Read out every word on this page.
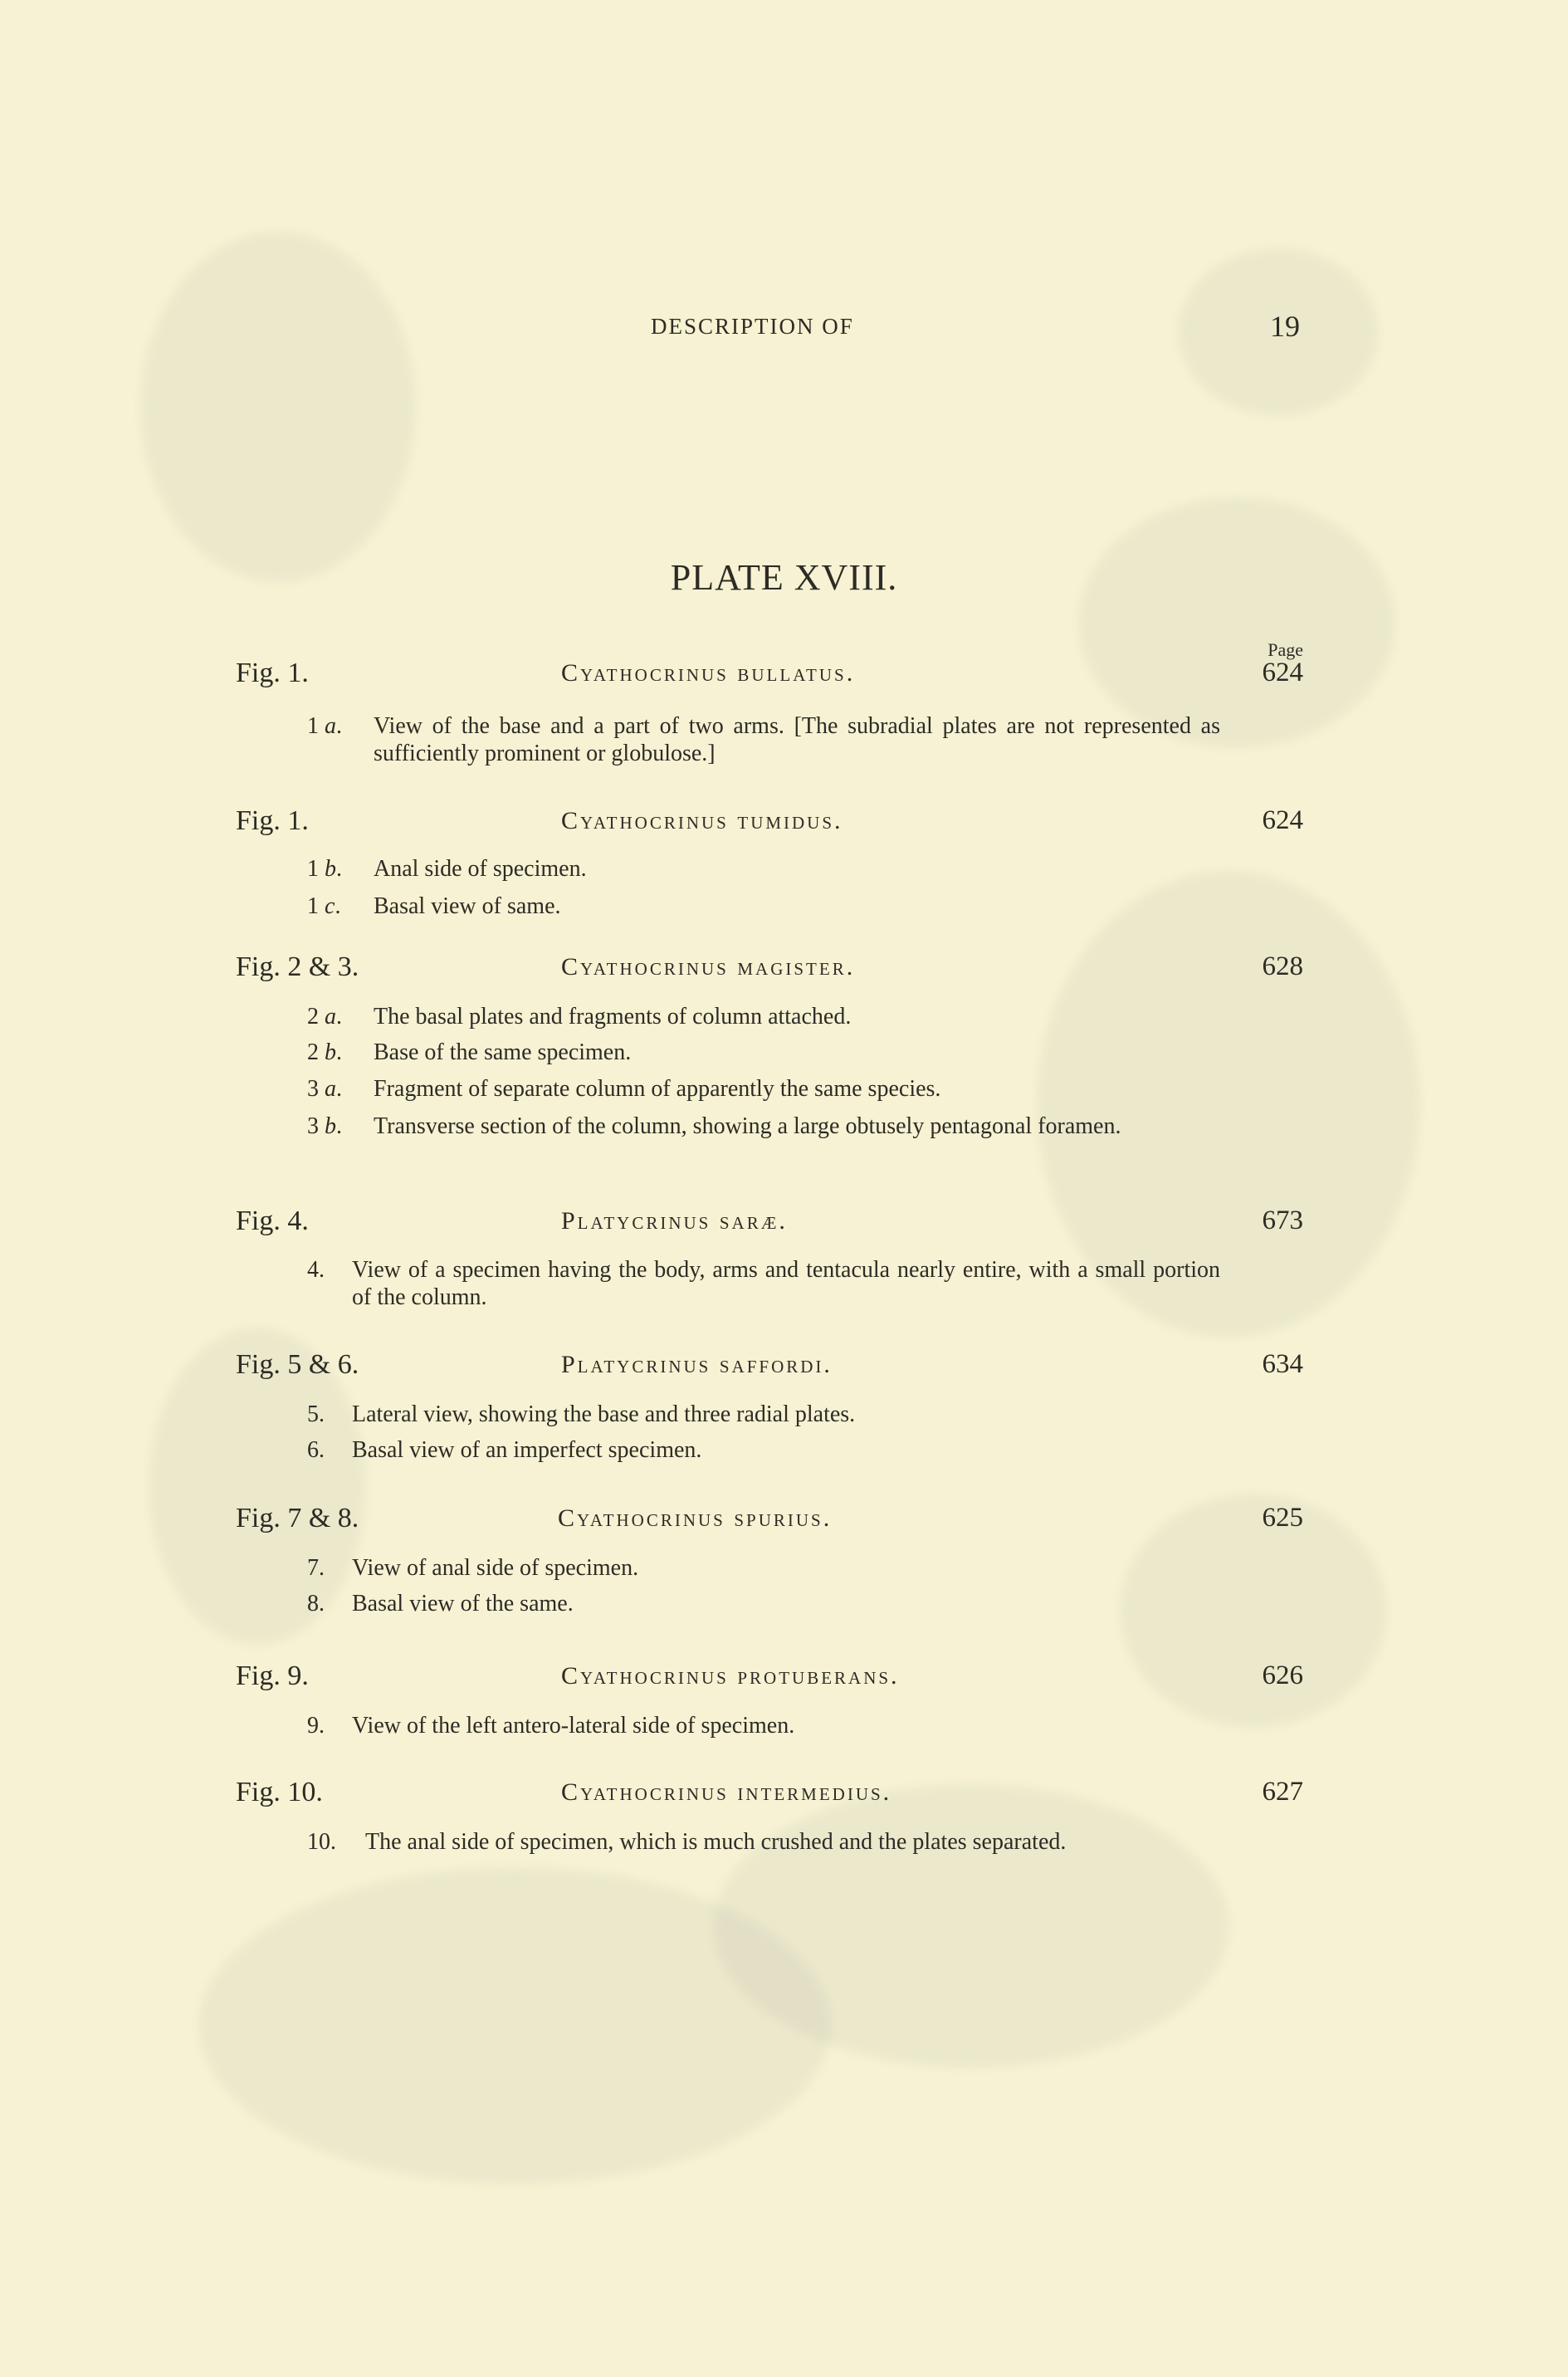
DESCRIPTION OF	19
PLATE XVIII.
Page
Fig. 1.	Cyathocrinus bullatus.	624
1 a. View of the base and a part of two arms. [The subradial plates are not represented as sufficiently prominent or globulose.]
Fig. 1.	Cyathocrinus tumidus.	624
1 b. Anal side of specimen.
1 c. Basal view of same.
Fig. 2 & 3.	Cyathocrinus magister.	628
2 a. The basal plates and fragments of column attached.
2 b. Base of the same specimen.
3 a. Fragment of separate column of apparently the same species.
3 b. Transverse section of the column, showing a large obtusely pentagonal foramen.
Fig. 4.	Platycrinus saræ.	673
4. View of a specimen having the body, arms and tentacula nearly entire, with a small portion of the column.
Fig. 5 & 6.	Platycrinus saffordi.	634
5. Lateral view, showing the base and three radial plates.
6. Basal view of an imperfect specimen.
Fig. 7 & 8.	Cyathocrinus spurius.	625
7. View of anal side of specimen.
8. Basal view of the same.
Fig. 9.	Cyathocrinus protuberans.	626
9. View of the left antero-lateral side of specimen.
Fig. 10.	Cyathocrinus intermedius.	627
10. The anal side of specimen, which is much crushed and the plates separated.
